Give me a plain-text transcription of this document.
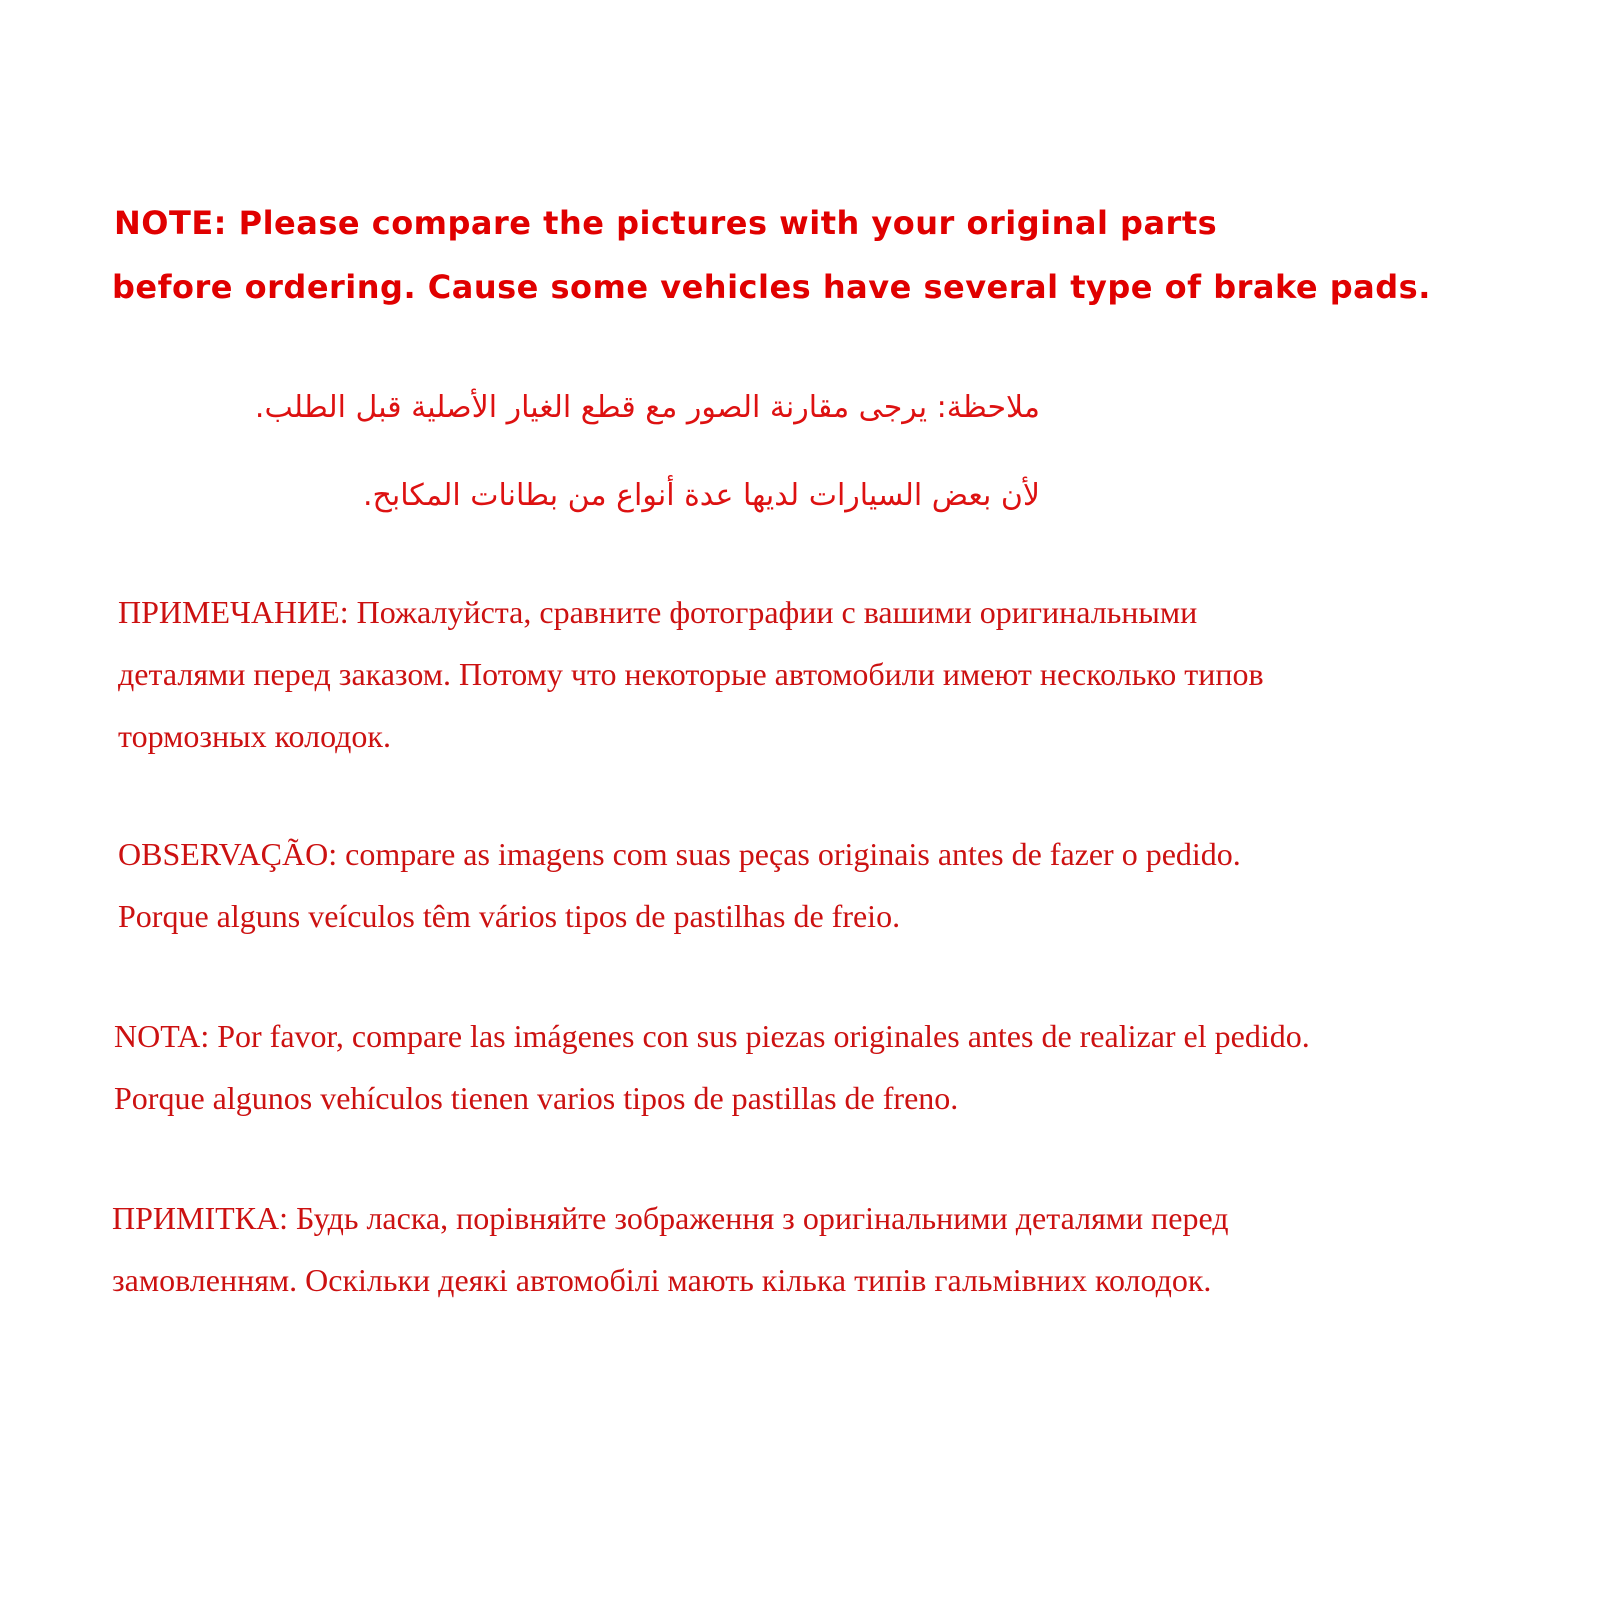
NOTE: Please compare the pictures with your original parts
before ordering. Cause some vehicles have several type of brake pads.
ملاحظة: يرجى مقارنة الصور مع قطع الغيار الأصلية قبل الطلب.
لأن بعض السيارات لديها عدة أنواع من بطانات المكابح.
ПРИМЕЧАНИЕ: Пожалуйста, сравните фотографии с вашими оригинальными
деталями перед заказом. Потому что некоторые автомобили имеют несколько типов
тормозных колодок.
OBSERVAÇÃO: compare as imagens com suas peças originais antes de fazer o pedido.
Porque alguns veículos têm vários tipos de pastilhas de freio.
NOTA: Por favor, compare las imágenes con sus piezas originales antes de realizar el pedido.
Porque algunos vehículos tienen varios tipos de pastillas de freno.
ПРИМІТКА: Будь ласка, порівняйте зображення з оригінальними деталями перед
замовленням. Оскільки деякі автомобілі мають кілька типів гальмівних колодок.
